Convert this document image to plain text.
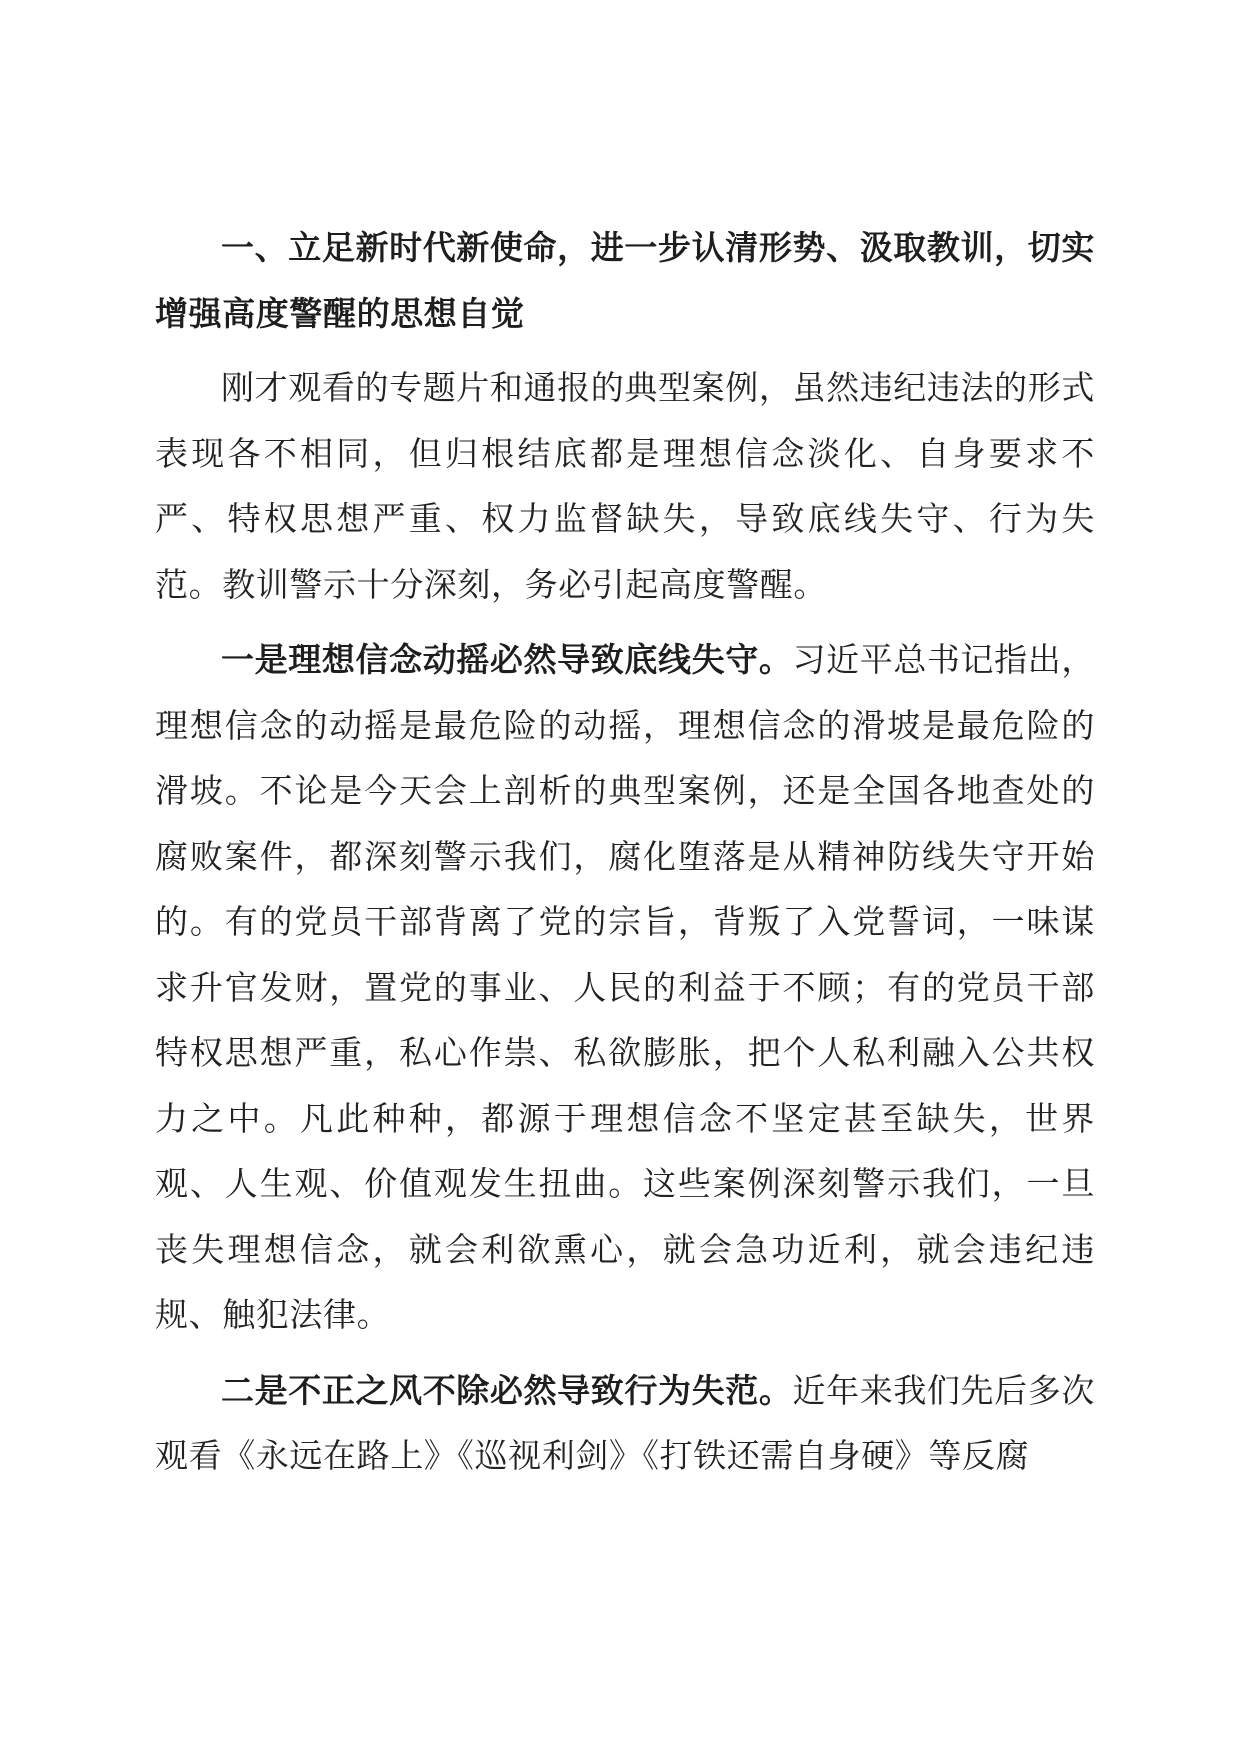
一、立足新时代新使命，进一步认清形势、汲取教训，切实增强高度警醒的思想自觉

刚才观看的专题片和通报的典型案例，虽然违纪违法的形式表现各不相同，但归根结底都是理想信念淡化、自身要求不严、特权思想严重、权力监督缺失，导致底线失守、行为失范。教训警示十分深刻，务必引起高度警醒。

一是理想信念动摇必然导致底线失守。习近平总书记指出，理想信念的动摇是最危险的动摇，理想信念的滑坡是最危险的滑坡。不论是今天会上剖析的典型案例，还是全国各地查处的腐败案件，都深刻警示我们，腐化堕落是从精神防线失守开始的。有的党员干部背离了党的宗旨，背叛了入党誓词，一味谋求升官发财，置党的事业、人民的利益于不顾；有的党员干部特权思想严重，私心作祟、私欲膨胀，把个人私利融入公共权力之中。凡此种种，都源于理想信念不坚定甚至缺失，世界观、人生观、价值观发生扭曲。这些案例深刻警示我们，一旦丧失理想信念，就会利欲熏心，就会急功近利，就会违纪违规、触犯法律。

二是不正之风不除必然导致行为失范。近年来我们先后多次观看《永远在路上》《巡视利剑》《打铁还需自身硬》等反腐
